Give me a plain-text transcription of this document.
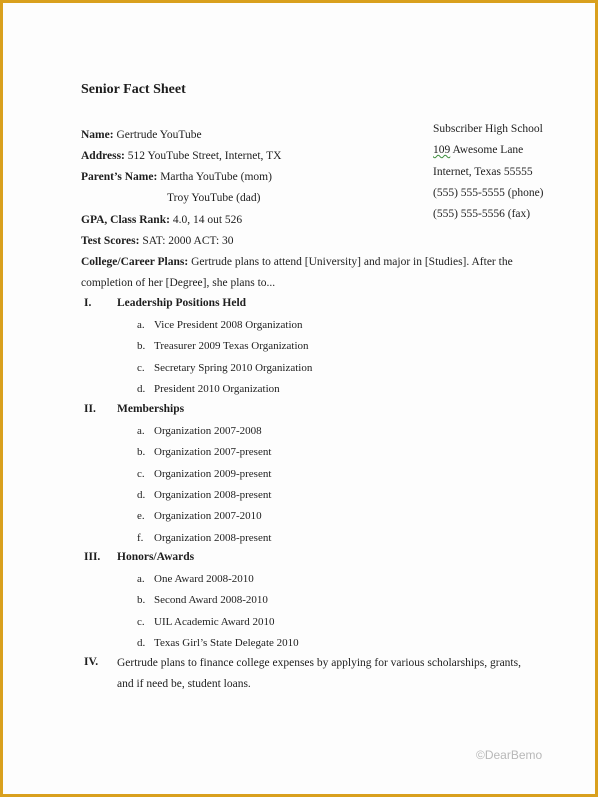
Senior Fact Sheet
Name: Gertrude YouTube
Address: 512 YouTube Street, Internet, TX
Parent’s Name: Martha YouTube (mom)
Troy YouTube (dad)
GPA, Class Rank: 4.0, 14 out 526
Test Scores: SAT: 2000 ACT: 30
College/Career Plans: Gertrude plans to attend [University] and major in [Studies]. After the
completion of her [Degree], she plans to...
Subscriber High School
109 Awesome Lane
Internet, Texas 55555
(555) 555-5555 (phone)
(555) 555-5556 (fax)
I. Leadership Positions Held
a. Vice President 2008 Organization
b. Treasurer 2009 Texas Organization
c. Secretary Spring 2010 Organization
d. President 2010 Organization
II. Memberships
a. Organization 2007-2008
b. Organization 2007-present
c. Organization 2009-present
d. Organization 2008-present
e. Organization 2007-2010
f. Organization 2008-present
III. Honors/Awards
a. One Award 2008-2010
b. Second Award 2008-2010
c. UIL Academic Award 2010
d. Texas Girl’s State Delegate 2010
IV. Gertrude plans to finance college expenses by applying for various scholarships, grants,
and if need be, student loans.
©DearBemo
